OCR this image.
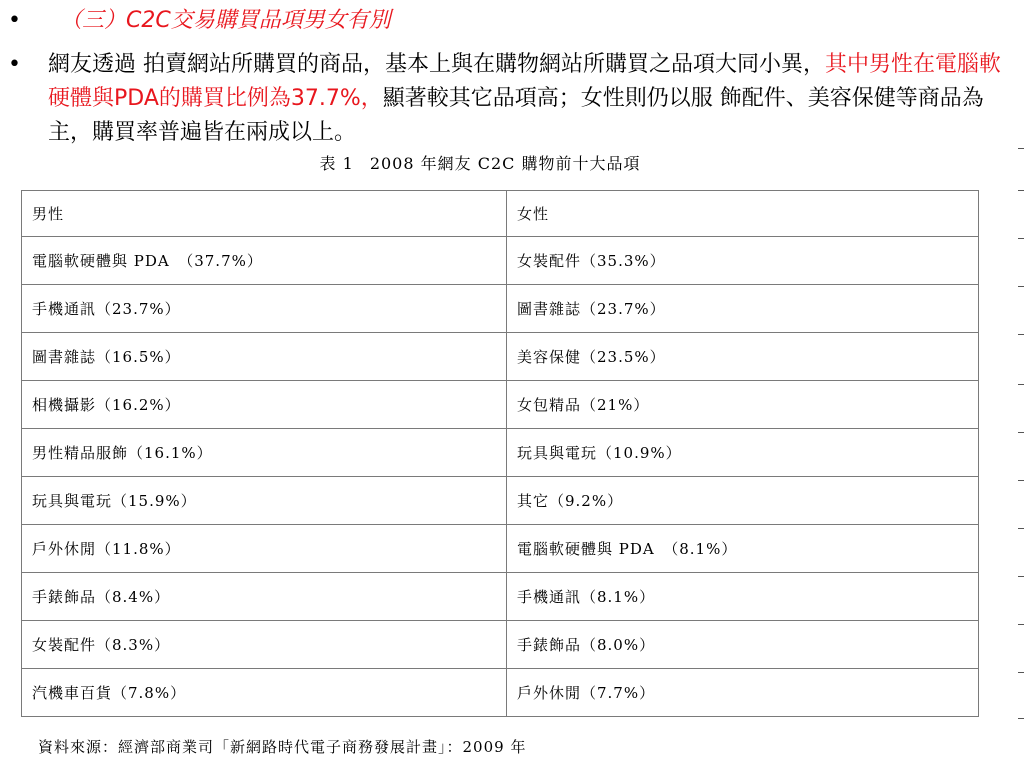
• （三）C2C交易購買品項男女有別
• 網友透過 拍賣網站所購買的商品，基本上與在購物網站所購買之品項大同小異，其中男性在電腦軟硬體與PDA的購買比例為37.7%，顯著較其它品項高；女性則仍以服 飾配件、美容保健等商品為主，購買率普遍皆在兩成以上。
表 1 2008 年網友 C2C 購物前十大品項
男性	女性
電腦軟硬體與 PDA　（37.7%）	女裝配件（35.3%）
手機通訊（23.7%）	圖書雜誌（23.7%）
圖書雜誌（16.5%）	美容保健（23.5%）
相機攝影（16.2%）	女包精品（21%）
男性精品服飾（16.1%）	玩具與電玩（10.9%）
玩具與電玩（15.9%）	其它（9.2%）
戶外休閒（11.8%）	電腦軟硬體與 PDA　（8.1%）
手錶飾品（8.4%）	手機通訊（8.1%）
女裝配件（8.3%）	手錶飾品（8.0%）
汽機車百貨（7.8%）	戶外休閒（7.7%）
資料來源：經濟部商業司「新網路時代電子商務發展計畫」：2009 年
